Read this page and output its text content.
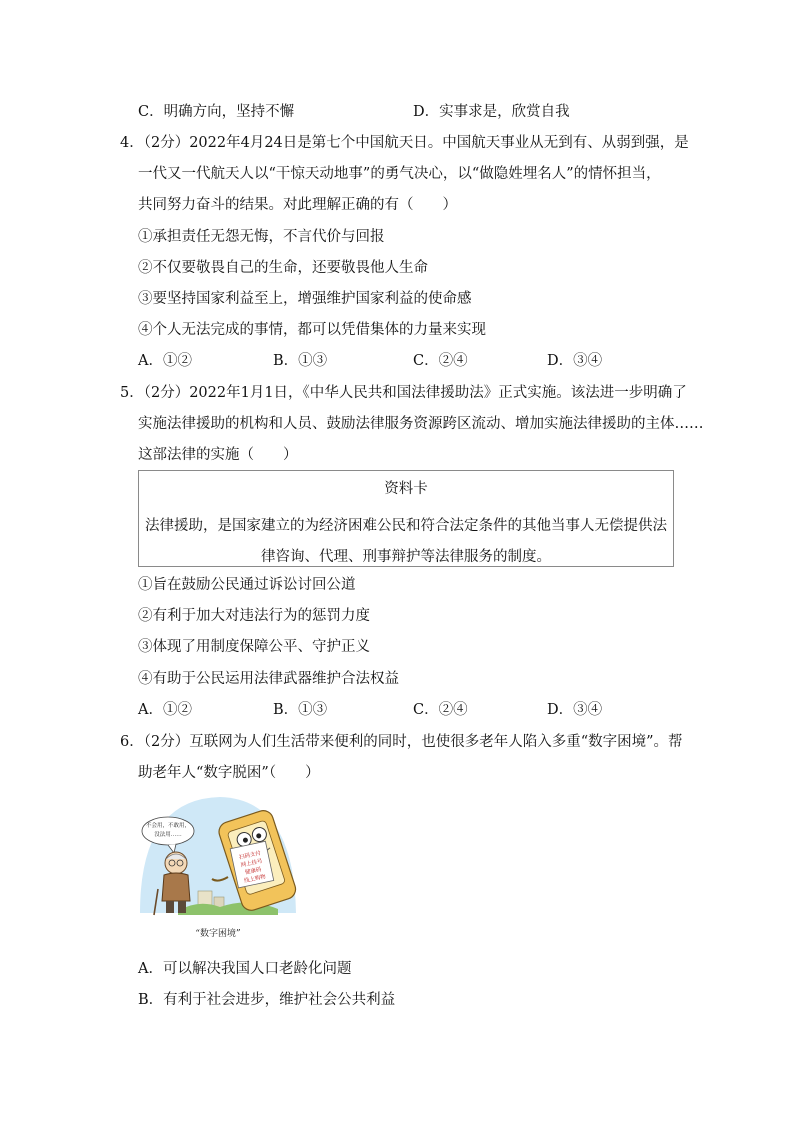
C．明确方向，坚持不懈	D．实事求是，欣赏自我
4．（2分）2022年4月24日是第七个中国航天日。中国航天事业从无到有、从弱到强，是
一代又一代航天人以“干惊天动地事”的勇气决心，以“做隐姓埋名人”的情怀担当，
共同努力奋斗的结果。对此理解正确的有（　　）
①承担责任无怨无悔，不言代价与回报
②不仅要敬畏自己的生命，还要敬畏他人生命
③要坚持国家利益至上，增强维护国家利益的使命感
④个人无法完成的事情，都可以凭借集体的力量来实现
A．①②	B．①③	C．②④	D．③④
5．（2分）2022年1月1日，《中华人民共和国法律援助法》正式实施。该法进一步明确了
实施法律援助的机构和人员、鼓励法律服务资源跨区流动、增加实施法律援助的主体……
这部法律的实施（　　）
资料卡
法律援助，是国家建立的为经济困难公民和符合法定条件的其他当事人无偿提供法律咨询、代理、刑事辩护等法律服务的制度。
①旨在鼓励公民通过诉讼讨回公道
②有利于加大对违法行为的惩罚力度
③体现了用制度保障公平、守护正义
④有助于公民运用法律武器维护合法权益
A．①②	B．①③	C．②④	D．③④
6．（2分）互联网为人们生活带来便利的同时，也使很多老年人陷入多重“数字困境”。帮
助老年人“数字脱困”（　　）
扫码支付
网上挂号
健康码
线上购物
不会用，不敢用，
没法用……
“数字困境”
A．可以解决我国人口老龄化问题
B．有利于社会进步，维护社会公共利益
